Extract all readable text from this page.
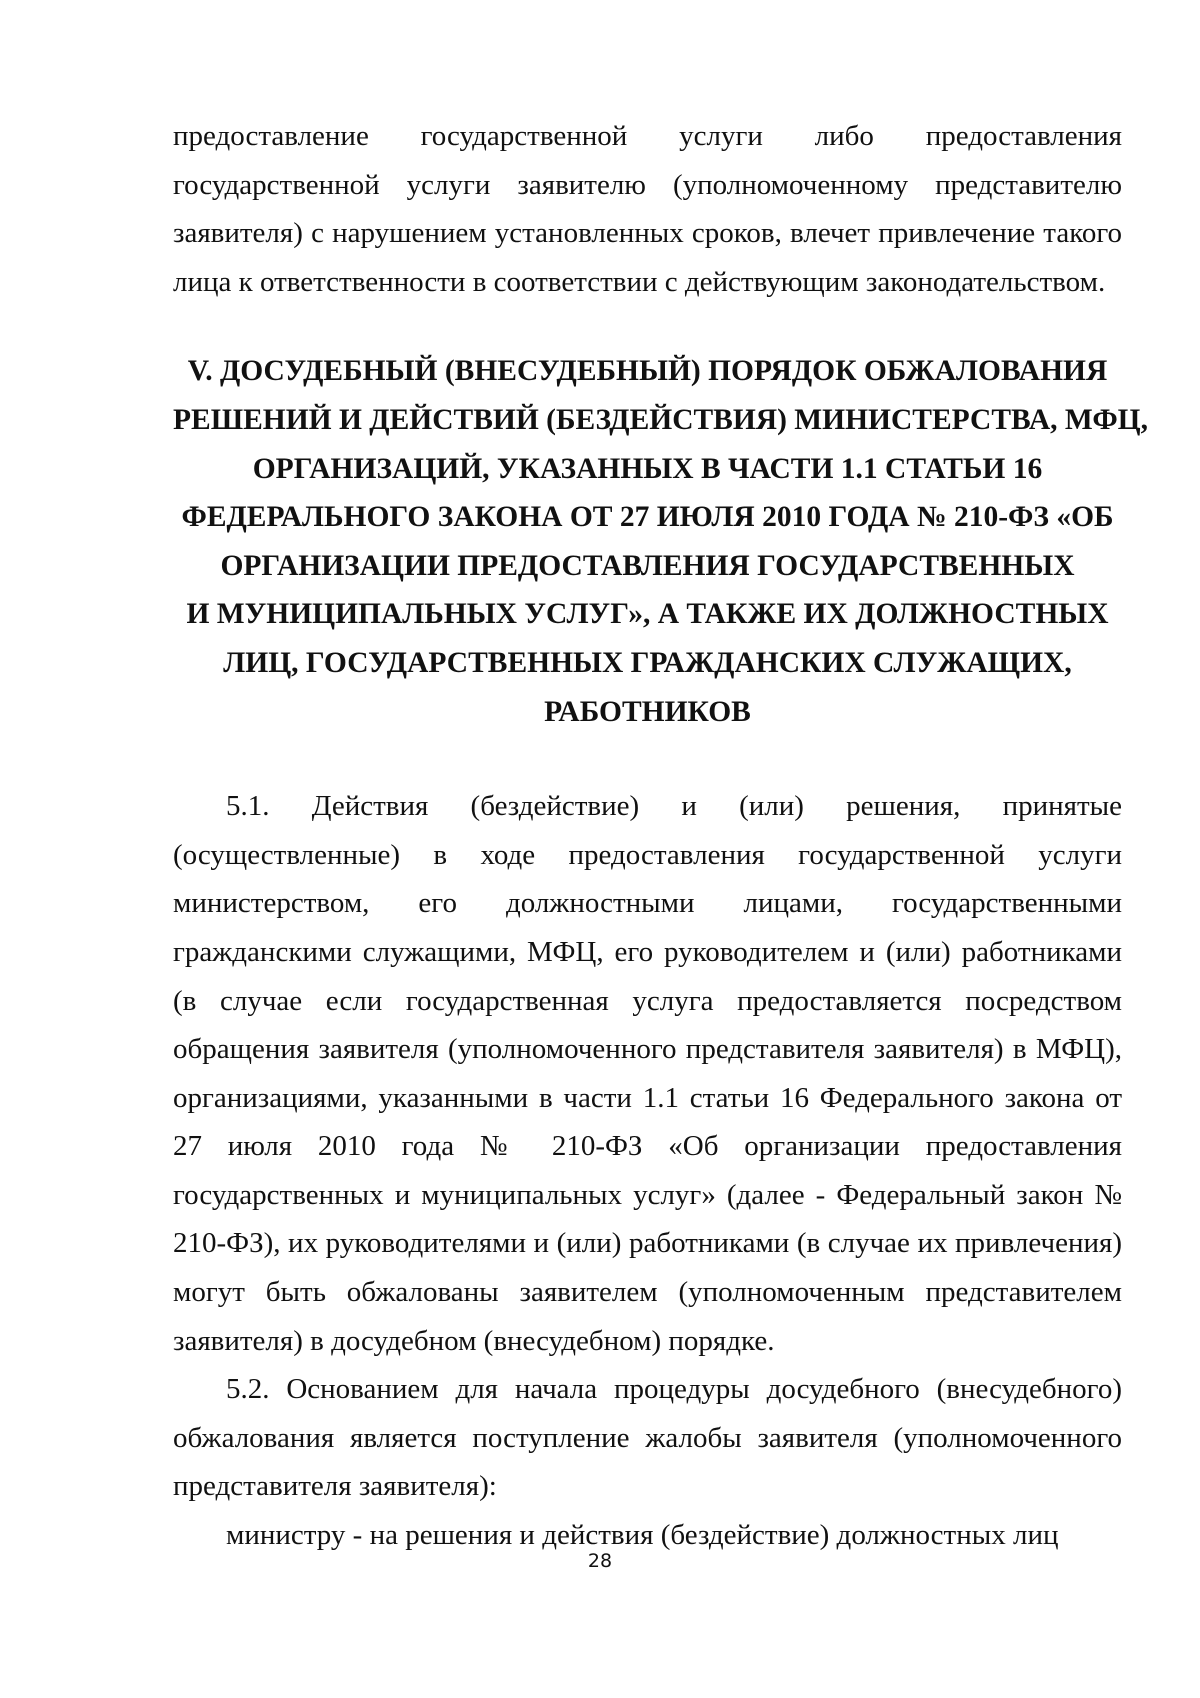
предоставление государственной услуги либо предоставления государственной услуги заявителю (уполномоченному представителю заявителя) с нарушением установленных сроков, влечет привлечение такого лица к ответственности в соответствии с действующим законодательством.

V. ДОСУДЕБНЫЙ (ВНЕСУДЕБНЫЙ) ПОРЯДОК ОБЖАЛОВАНИЯ
РЕШЕНИЙ И ДЕЙСТВИЙ (БЕЗДЕЙСТВИЯ) МИНИСТЕРСТВА, МФЦ,
ОРГАНИЗАЦИЙ, УКАЗАННЫХ В ЧАСТИ 1.1 СТАТЬИ 16
ФЕДЕРАЛЬНОГО ЗАКОНА ОТ 27 ИЮЛЯ 2010 ГОДА № 210-ФЗ «ОБ
ОРГАНИЗАЦИИ ПРЕДОСТАВЛЕНИЯ ГОСУДАРСТВЕННЫХ
И МУНИЦИПАЛЬНЫХ УСЛУГ», А ТАКЖЕ ИХ ДОЛЖНОСТНЫХ
ЛИЦ, ГОСУДАРСТВЕННЫХ ГРАЖДАНСКИХ СЛУЖАЩИХ,
РАБОТНИКОВ

5.1. Действия (бездействие) и (или) решения, принятые (осуществленные) в ходе предоставления государственной услуги министерством, его должностными лицами, государственными гражданскими служащими, МФЦ, его руководителем и (или) работниками (в случае если государственная услуга предоставляется посредством обращения заявителя (уполномоченного представителя заявителя) в МФЦ), организациями, указанными в части 1.1 статьи 16 Федерального закона от 27 июля 2010 года № 210-ФЗ «Об организации предоставления государственных и муниципальных услуг» (далее - Федеральный закон № 210-ФЗ), их руководителями и (или) работниками (в случае их привлечения) могут быть обжалованы заявителем (уполномоченным представителем заявителя) в досудебном (внесудебном) порядке.

5.2. Основанием для начала процедуры досудебного (внесудебного) обжалования является поступление жалобы заявителя (уполномоченного представителя заявителя):

министру - на решения и действия (бездействие) должностных лиц

28
